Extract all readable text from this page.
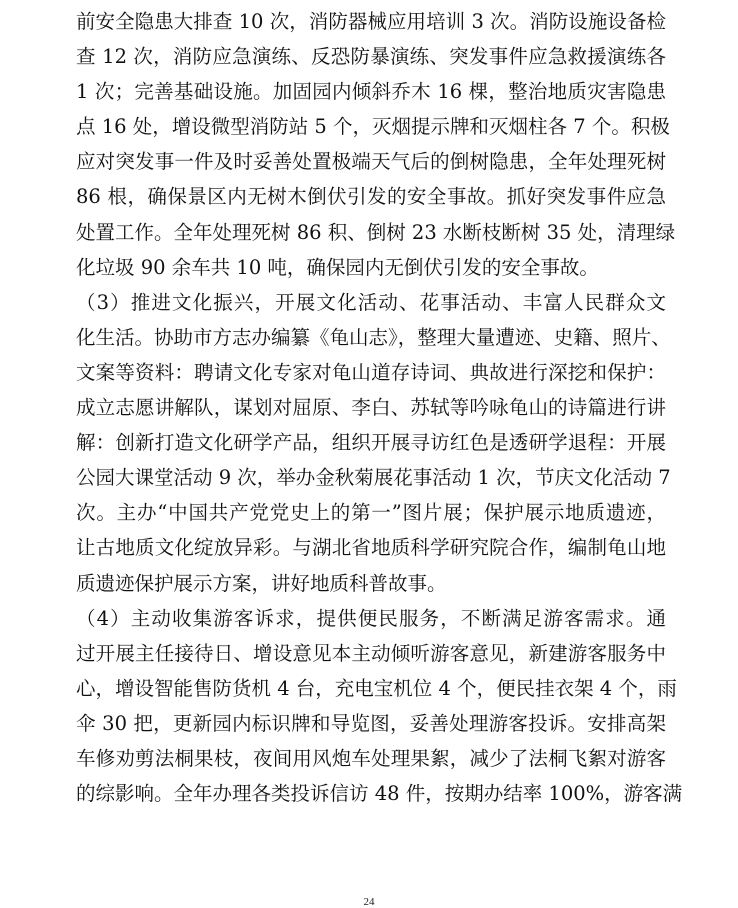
前安全隐患大排查 10 次，消防器械应用培训 3 次。消防设施设备检
查 12 次，消防应急演练、反恐防暴演练、突发事件应急救援演练各
1 次；完善基础设施。加固园内倾斜乔木 16 棵，整治地质灾害隐患
点 16 处，增设微型消防站 5 个，灭烟提示牌和灭烟柱各 7 个。积极
应对突发事一件及时妥善处置极端天气后的倒树隐患，全年处理死树
86 根，确保景区内无树木倒伏引发的安全事故。抓好突发事件应急
处置工作。全年处理死树 86 积、倒树 23 水断枝断树 35 处，清理绿
化垃圾 90 余车共 10 吨，确保园内无倒伏引发的安全事故。
（3）推进文化振兴，开展文化活动、花事活动、丰富人民群众文
化生活。协助市方志办编纂《龟山志》，整理大量遭迹、史籍、照片、
文案等资料：聘请文化专家对龟山道存诗词、典故进行深挖和保护：
成立志愿讲解队，谋划对屈原、李白、苏轼等吟咏龟山的诗篇进行讲
解：创新打造文化研学产品，组织开展寻访红色是透研学退程：开展
公园大课堂活动 9 次，举办金秋菊展花事活动 1 次，节庆文化活动 7
次。主办“中国共产党党史上的第一”图片展；保护展示地质遗迹，
让古地质文化绽放异彩。与湖北省地质科学研究院合作，编制龟山地
质遗迹保护展示方案，讲好地质科普故事。
（4）主动收集游客诉求，提供便民服务，不断满足游客需求。通
过开展主任接待日、增设意见本主动倾听游客意见，新建游客服务中
心，增设智能售防货机 4 台，充电宝机位 4 个，便民挂衣架 4 个，雨
伞 30 把，更新园内标识牌和导览图，妥善处理游客投诉。安排高架
车修劝剪法桐果枝，夜间用风炮车处理果絮，减少了法桐飞絮对游客
的综影响。全年办理各类投诉信访 48 件，按期办结率 100%，游客满
24
